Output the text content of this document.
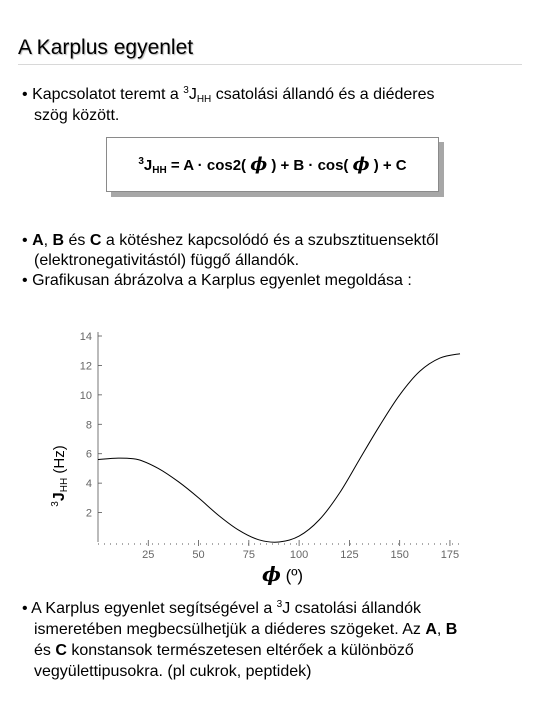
A Karplus egyenlet
• Kapcsolatot teremt a $^3J_{HH}$ csatolási állandó és a diéderes
szög között.
$^3J_{HH} = A \cdot \cos 2$( ϕ ) + B · cos( ϕ ) + C
• A, B és C a kötéshez kapcsolódó és a szubsztituensektől
(elektronegativitástól) függő állandók.
• Grafikusan ábrázolva a Karplus egyenlet megoldása :
2
4
6
8
10
12
14
25	50	75	100	125	150	175
$^3J_{HH}$ (Hz)
ϕ (º)
• A Karplus egyenlet segítségével a $^3$J csatolási állandók
ismeretében megbecsülhetjük a diéderes szögeket. Az A, B
és C konstansok természetesen eltérőek a különböző
vegyülettipusokra. (pl cukrok, peptidek)
